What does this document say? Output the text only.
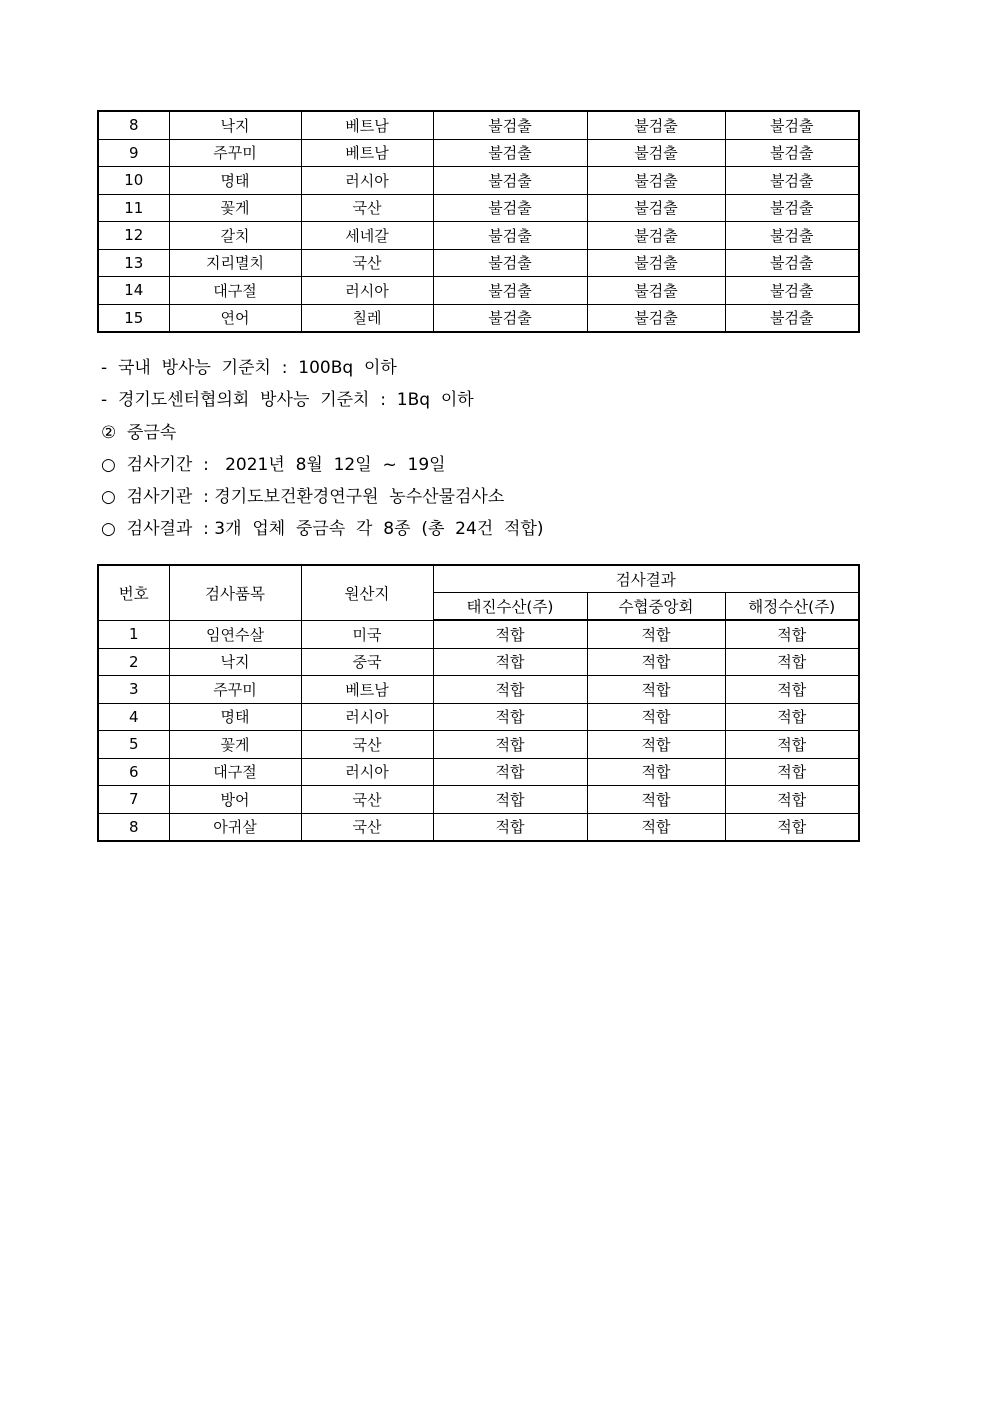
8	낙지	베트남	불검출	불검출	불검출
9	주꾸미	베트남	불검출	불검출	불검출
10	명태	러시아	불검출	불검출	불검출
11	꽃게	국산	불검출	불검출	불검출
12	갈치	세네갈	불검출	불검출	불검출
13	지리멸치	국산	불검출	불검출	불검출
14	대구절	러시아	불검출	불검출	불검출
15	연어	칠레	불검출	불검출	불검출
-  국내  방사능  기준치  :  100Bq  이하
-  경기도센터협의회  방사능  기준치  :  1Bq  이하
②  중금속
○  검사기간  :   2021년  8월  12일  ~  19일
○  검사기관  : 경기도보건환경연구원  농수산물검사소
○  검사결과  : 3개  업체  중금속  각  8종  (총  24건  적합)
번호	검사품목	원산지	검사결과		
			태진수산(주)	수협중앙회	해정수산(주)
1	임연수살	미국	적합	적합	적합
2	낙지	중국	적합	적합	적합
3	주꾸미	베트남	적합	적합	적합
4	명태	러시아	적합	적합	적합
5	꽃게	국산	적합	적합	적합
6	대구절	러시아	적합	적합	적합
7	방어	국산	적합	적합	적합
8	아귀살	국산	적합	적합	적합
